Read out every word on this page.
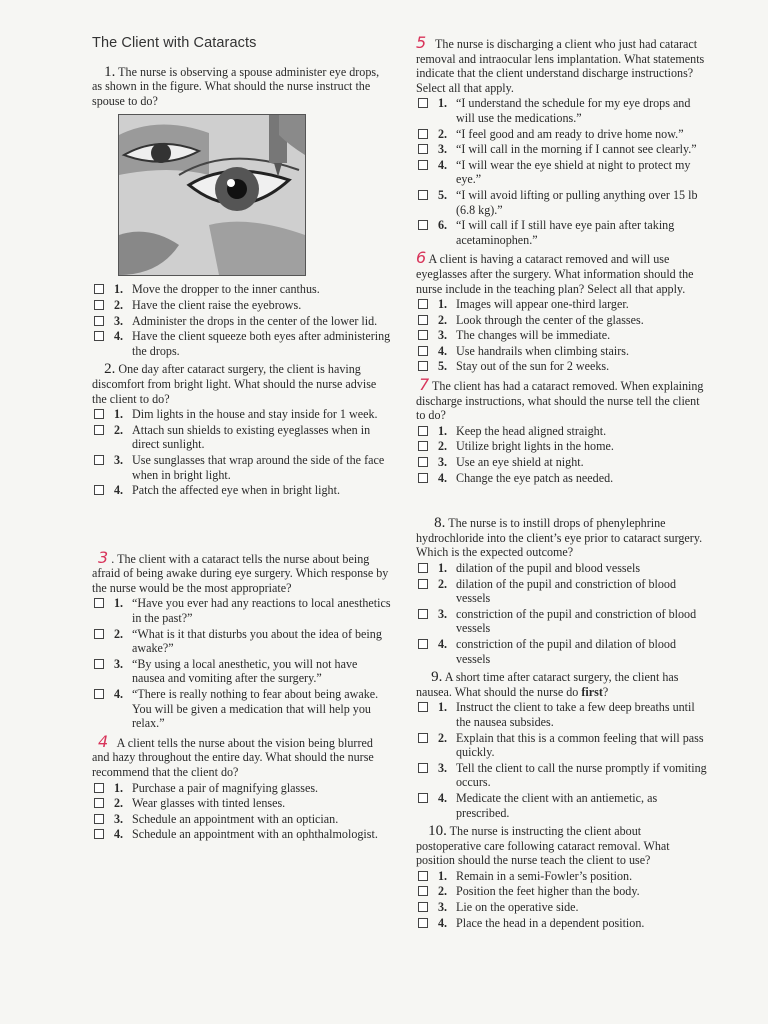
The Client with Cataracts

1. The nurse is observing a spouse administer eye drops, as shown in the figure. What should the nurse instruct the spouse to do?

1. Move the dropper to the inner canthus.
2. Have the client raise the eyebrows.
3. Administer the drops in the center of the lower lid.
4. Have the client squeeze both eyes after administering the drops.

2. One day after cataract surgery, the client is having discomfort from bright light. What should the nurse advise the client to do?

1. Dim lights in the house and stay inside for 1 week.
2. Attach sun shields to existing eyeglasses when in direct sunlight.
3. Use sunglasses that wrap around the side of the face when in bright light.
4. Patch the affected eye when in bright light.

3 . The client with a cataract tells the nurse about being afraid of being awake during eye surgery. Which response by the nurse would be the most appropriate?

1. “Have you ever had any reactions to local anesthetics in the past?”
2. “What is it that disturbs you about the idea of being awake?”
3. “By using a local anesthetic, you will not have nausea and vomiting after the surgery.”
4. “There is really nothing to fear about being awake. You will be given a medication that will help you relax.”

4 A client tells the nurse about the vision being blurred and hazy throughout the entire day. What should the nurse recommend that the client do?

1. Purchase a pair of magnifying glasses.
2. Wear glasses with tinted lenses.
3. Schedule an appointment with an optician.
4. Schedule an appointment with an ophthalmologist.

5 The nurse is discharging a client who just had cataract removal and intraocular lens implantation. What statements indicate that the client understand discharge instructions? Select all that apply.

1. “I understand the schedule for my eye drops and will use the medications.”
2. “I feel good and am ready to drive home now.”
3. “I will call in the morning if I cannot see clearly.”
4. “I will wear the eye shield at night to protect my eye.”
5. “I will avoid lifting or pulling anything over 15 lb (6.8 kg).”
6. “I will call if I still have eye pain after taking acetaminophen.”

6 A client is having a cataract removed and will use eyeglasses after the surgery. What information should the nurse include in the teaching plan? Select all that apply.

1. Images will appear one-third larger.
2. Look through the center of the glasses.
3. The changes will be immediate.
4. Use handrails when climbing stairs.
5. Stay out of the sun for 2 weeks.

7 The client has had a cataract removed. When explaining discharge instructions, what should the nurse tell the client to do?

1. Keep the head aligned straight.
2. Utilize bright lights in the home.
3. Use an eye shield at night.
4. Change the eye patch as needed.

8. The nurse is to instill drops of phenylephrine hydrochloride into the client’s eye prior to cataract surgery. Which is the expected outcome?

1. dilation of the pupil and blood vessels
2. dilation of the pupil and constriction of blood vessels
3. constriction of the pupil and constriction of blood vessels
4. constriction of the pupil and dilation of blood vessels

9. A short time after cataract surgery, the client has nausea. What should the nurse do first?

1. Instruct the client to take a few deep breaths until the nausea subsides.
2. Explain that this is a common feeling that will pass quickly.
3. Tell the client to call the nurse promptly if vomiting occurs.
4. Medicate the client with an antiemetic, as prescribed.

10. The nurse is instructing the client about postoperative care following cataract removal. What position should the nurse teach the client to use?

1. Remain in a semi-Fowler’s position.
2. Position the feet higher than the body.
3. Lie on the operative side.
4. Place the head in a dependent position.
